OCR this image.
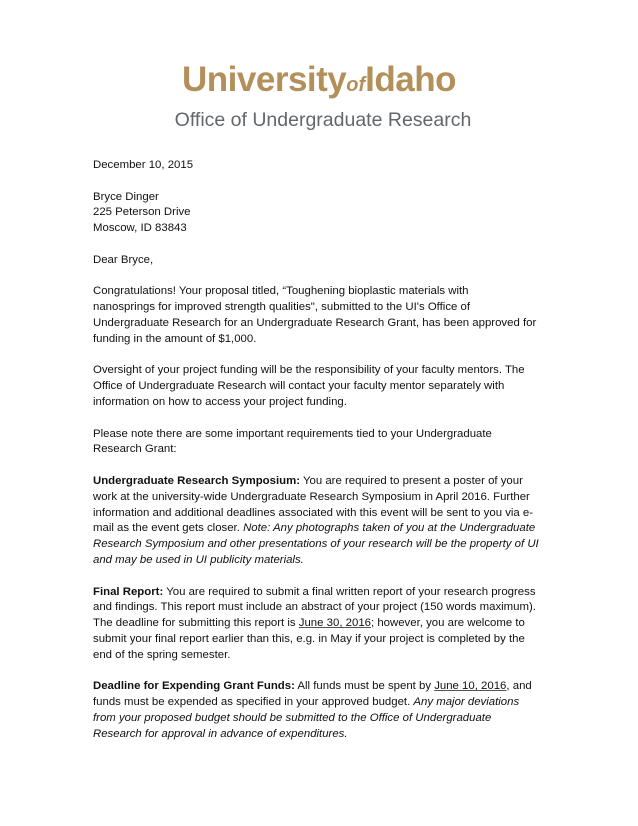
UniversityofIdaho
Office of Undergraduate Research

December 10, 2015

Bryce Dinger
225 Peterson Drive
Moscow, ID 83843

Dear Bryce,

Congratulations! Your proposal titled, “Toughening bioplastic materials with
nanosprings for improved strength qualities", submitted to the UI's Office of
Undergraduate Research for an Undergraduate Research Grant, has been approved for
funding in the amount of $1,000.

Oversight of your project funding will be the responsibility of your faculty mentors. The
Office of Undergraduate Research will contact your faculty mentor separately with
information on how to access your project funding.

Please note there are some important requirements tied to your Undergraduate
Research Grant:

Undergraduate Research Symposium: You are required to present a poster of your
work at the university-wide Undergraduate Research Symposium in April 2016. Further
information and additional deadlines associated with this event will be sent to you via e-
mail as the event gets closer. Note: Any photographs taken of you at the Undergraduate
Research Symposium and other presentations of your research will be the property of UI
and may be used in UI publicity materials.

Final Report: You are required to submit a final written report of your research progress
and findings. This report must include an abstract of your project (150 words maximum).
The deadline for submitting this report is June 30, 2016; however, you are welcome to
submit your final report earlier than this, e.g. in May if your project is completed by the
end of the spring semester.

Deadline for Expending Grant Funds: All funds must be spent by June 10, 2016, and
funds must be expended as specified in your approved budget. Any major deviations
from your proposed budget should be submitted to the Office of Undergraduate
Research for approval in advance of expenditures.
